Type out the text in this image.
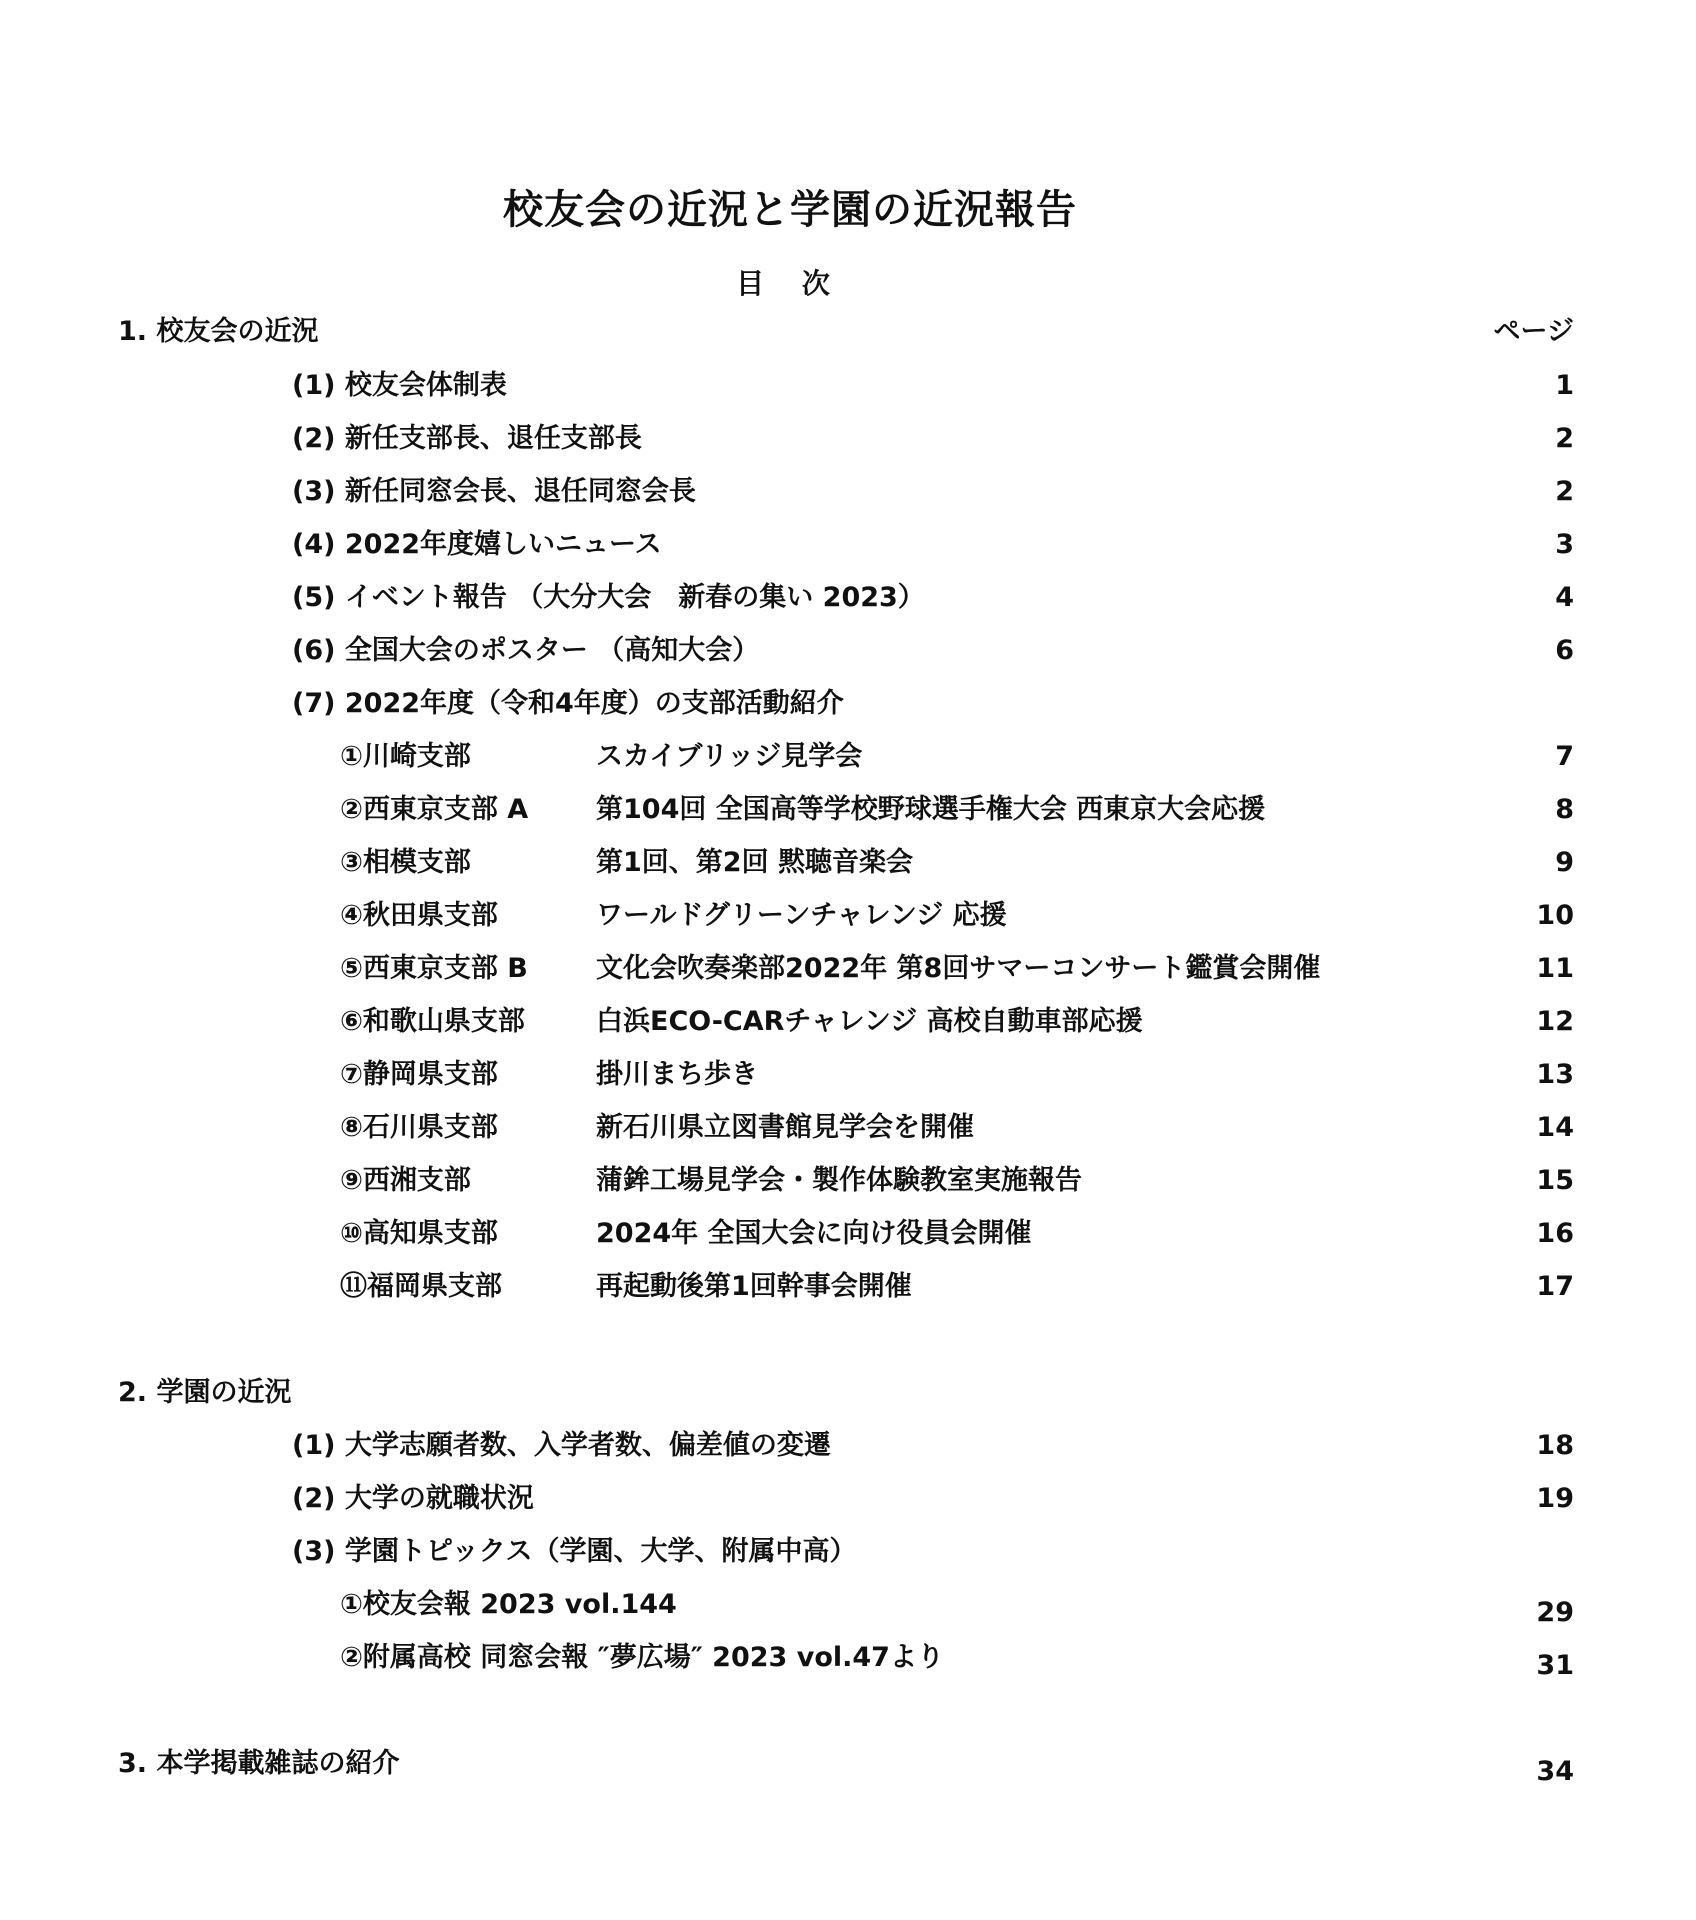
校友会の近況と学園の近況報告
目 次
1. 校友会の近況	ページ
(1) 校友会体制表	1
(2) 新任支部長、退任支部長	2
(3) 新任同窓会長、退任同窓会長	2
(4) 2022年度嬉しいニュース	3
(5) イベント報告 （大分大会　新春の集い 2023）	4
(6) 全国大会のポスター （高知大会）	6
(7) 2022年度（令和4年度）の支部活動紹介
①川崎支部	スカイブリッジ見学会	7
②西東京支部 A	第104回 全国高等学校野球選手権大会 西東京大会応援	8
③相模支部	第1回、第2回 黙聴音楽会	9
④秋田県支部	ワールドグリーンチャレンジ 応援	10
⑤西東京支部 B	文化会吹奏楽部2022年 第8回サマーコンサート鑑賞会開催	11
⑥和歌山県支部	白浜ECO-CARチャレンジ 高校自動車部応援	12
⑦静岡県支部	掛川まち歩き	13
⑧石川県支部	新石川県立図書館見学会を開催	14
⑨西湘支部	蒲鉾工場見学会・製作体験教室実施報告	15
⑩高知県支部	2024年 全国大会に向け役員会開催	16
⑪福岡県支部	再起動後第1回幹事会開催	17
2. 学園の近況
(1) 大学志願者数、入学者数、偏差値の変遷	18
(2) 大学の就職状況	19
(3) 学園トピックス（学園、大学、附属中高）
①校友会報 2023 vol.144	29
②附属高校 同窓会報 ″夢広場″ 2023 vol.47より	31
3. 本学掲載雑誌の紹介	34
